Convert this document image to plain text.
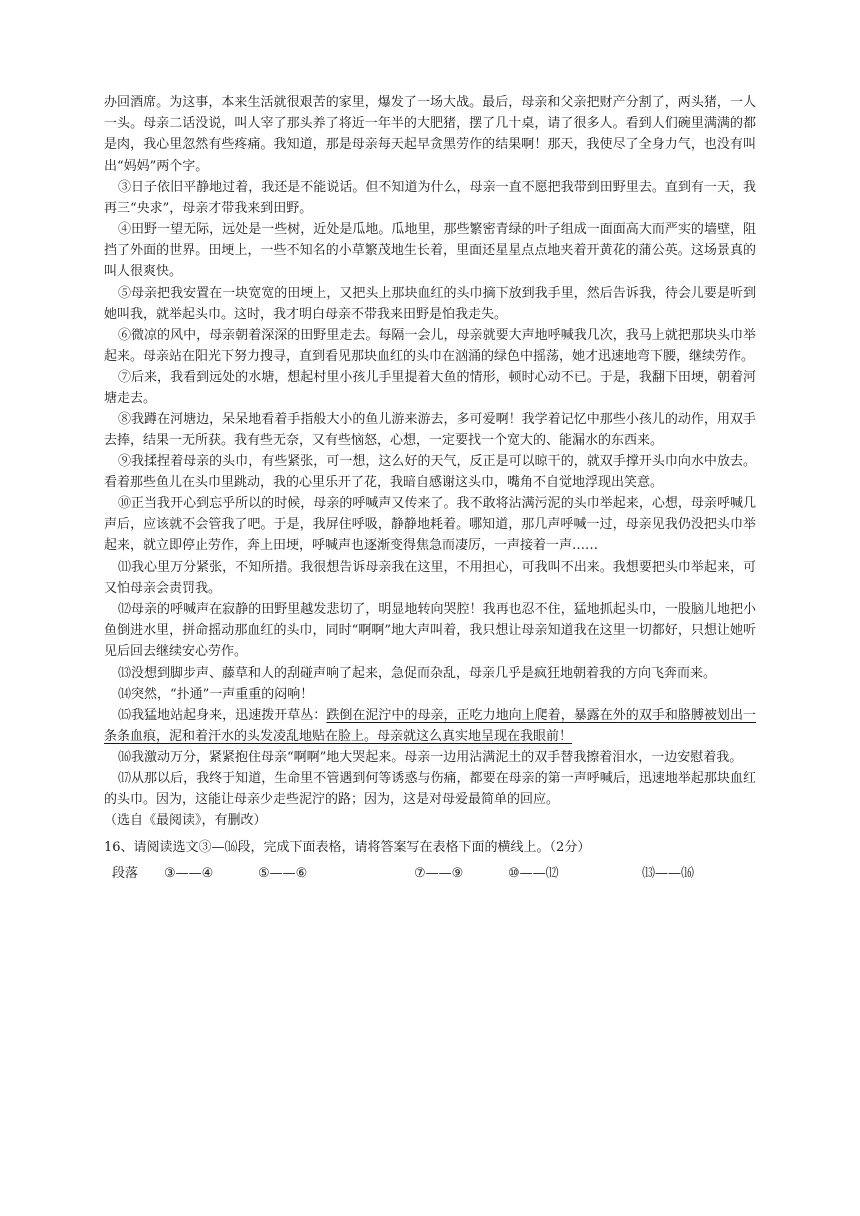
办回酒席。为这事，本来生活就很艰苦的家里，爆发了一场大战。最后，母亲和父亲把财产分割了，两头猪，一人一头。母亲二话没说，叫人宰了那头养了将近一年半的大肥猪，摆了几十桌，请了很多人。看到人们碗里满满的都是肉，我心里忽然有些疼痛。我知道，那是母亲每天起早贪黑劳作的结果啊！那天，我使尽了全身力气，也没有叫出“妈妈”两个字。

③日子依旧平静地过着，我还是不能说话。但不知道为什么，母亲一直不愿把我带到田野里去。直到有一天，我再三“央求”，母亲才带我来到田野。

④田野一望无际，远处是一些树，近处是瓜地。瓜地里，那些繁密青绿的叶子组成一面面高大而严实的墙壁，阻挡了外面的世界。田埂上，一些不知名的小草繁茂地生长着，里面还星星点点地夹着开黄花的蒲公英。这场景真的叫人很爽快。

⑤母亲把我安置在一块宽宽的田埂上，又把头上那块血红的头巾摘下放到我手里，然后告诉我，待会儿要是听到她叫我，就举起头巾。这时，我才明白母亲不带我来田野是怕我走失。

⑥微凉的风中，母亲朝着深深的田野里走去。每隔一会儿，母亲就要大声地呼喊我几次，我马上就把那块头巾举起来。母亲站在阳光下努力搜寻，直到看见那块血红的头巾在汹涌的绿色中摇荡，她才迅速地弯下腰，继续劳作。

⑦后来，我看到远处的水塘，想起村里小孩儿手里提着大鱼的情形，顿时心动不已。于是，我翻下田埂，朝着河塘走去。

⑧我蹲在河塘边，呆呆地看着手指般大小的鱼儿游来游去，多可爱啊！我学着记忆中那些小孩儿的动作，用双手去捧，结果一无所获。我有些无奈，又有些恼怒，心想，一定要找一个宽大的、能漏水的东西来。

⑨我揉捏着母亲的头巾，有些紧张，可一想，这么好的天气，反正是可以晾干的，就双手撑开头巾向水中放去。看着那些鱼儿在头巾里跳动，我的心里乐开了花，我暗自感谢这头巾，嘴角不自觉地浮现出笑意。

⑩正当我开心到忘乎所以的时候，母亲的呼喊声又传来了。我不敢将沾满污泥的头巾举起来，心想，母亲呼喊几声后，应该就不会管我了吧。于是，我屏住呼吸，静静地耗着。哪知道，那几声呼喊一过，母亲见我仍没把头巾举起来，就立即停止劳作，奔上田埂，呼喊声也逐渐变得焦急而凄厉，一声接着一声……

⑾我心里万分紧张，不知所措。我很想告诉母亲我在这里，不用担心，可我叫不出来。我想要把头巾举起来，可又怕母亲会责罚我。

⑿母亲的呼喊声在寂静的田野里越发悲切了，明显地转向哭腔！我再也忍不住，猛地抓起头巾，一股脑儿地把小鱼倒进水里，拼命摇动那血红的头巾，同时“啊啊”地大声叫着，我只想让母亲知道我在这里一切都好，只想让她听见后回去继续安心劳作。

⒀没想到脚步声、藤草和人的刮碰声响了起来，急促而杂乱，母亲几乎是疯狂地朝着我的方向飞奔而来。

⒁突然，“扑通”一声重重的闷响！

⒂我猛地站起身来，迅速拨开草丛：跌倒在泥泞中的母亲，正吃力地向上爬着，暴露在外的双手和胳膊被划出一条条血痕，泥和着汗水的头发凌乱地贴在脸上。母亲就这么真实地呈现在我眼前！

⒃我激动万分，紧紧抱住母亲“啊啊”地大哭起来。母亲一边用沾满泥土的双手替我擦着泪水，一边安慰着我。

⒄从那以后，我终于知道，生命里不管遇到何等诱惑与伤痛，都要在母亲的第一声呼喊后，迅速地举起那块血红的头巾。因为，这能让母亲少走些泥泞的路；因为，这是对母爱最简单的回应。

（选自《最阅读》，有删改）

16、请阅读选文③—⒃段，完成下面表格，请将答案写在表格下面的横线上。（2分）

段落 ③——④	⑤——⑥	⑦——⑨	⑩——⑿	⒀——⒃
